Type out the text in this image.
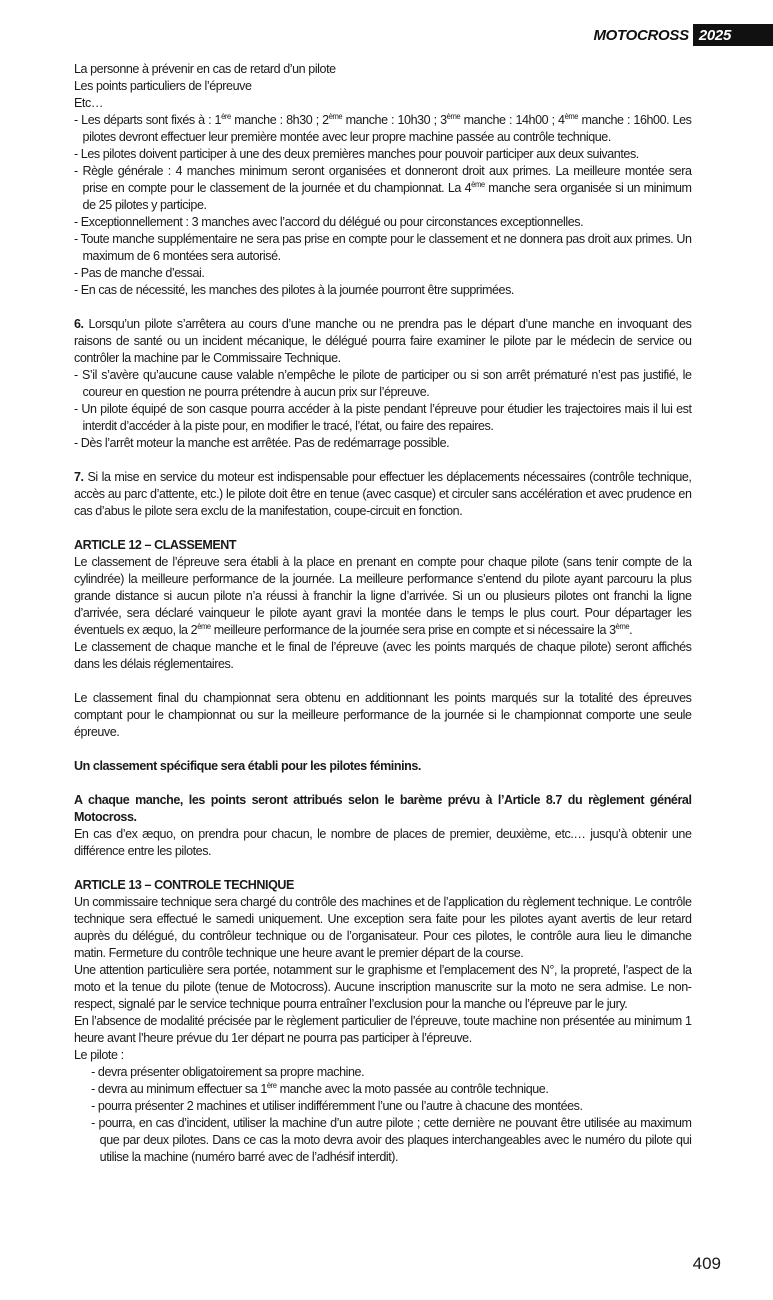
MOTOCROSS 2025

La personne à prévenir en cas de retard d’un pilote

Les points particuliers de l’épreuve

Etc…

- Les départs sont fixés à : 1ère manche : 8h30 ; 2ème manche : 10h30 ; 3ème manche : 14h00 ; 4ème manche : 16h00. Les pilotes devront effectuer leur première montée avec leur propre machine passée au contrôle technique.

- Les pilotes doivent participer à une des deux premières manches pour pouvoir participer aux deux suivantes.

- Règle générale : 4 manches minimum seront organisées et donneront droit aux primes. La meilleure montée sera prise en compte pour le classement de la journée et du championnat. La 4ème manche sera organisée si un minimum de 25 pilotes y participe.

- Exceptionnellement : 3 manches avec l’accord du délégué ou pour circonstances exceptionnelles.

- Toute manche supplémentaire ne sera pas prise en compte pour le classement et ne donnera pas droit aux primes. Un maximum de 6 montées sera autorisé.

- Pas de manche d’essai.

- En cas de nécessité, les manches des pilotes à la journée pourront être supprimées.

6. Lorsqu’un pilote s’arrêtera au cours d’une manche ou ne prendra pas le départ d’une manche en invoquant des raisons de santé ou un incident mécanique, le délégué pourra faire examiner le pilote par le médecin de service ou contrôler la machine par le Commissaire Technique.

- S’il s’avère qu’aucune cause valable n’empêche le pilote de participer ou si son arrêt prématuré n’est pas justifié, le coureur en question ne pourra prétendre à aucun prix sur l’épreuve.

- Un pilote équipé de son casque pourra accéder à la piste pendant l’épreuve pour étudier les trajectoires mais il lui est interdit d’accéder à la piste pour, en modifier le tracé, l’état, ou faire des repaires.

- Dès l’arrêt moteur la manche est arrêtée. Pas de redémarrage possible.

7. Si la mise en service du moteur est indispensable pour effectuer les déplacements nécessaires (contrôle technique, accès au parc d’attente, etc.) le pilote doit être en tenue (avec casque) et circuler sans accélération et avec prudence en cas d’abus le pilote sera exclu de la manifestation, coupe-circuit en fonction.

ARTICLE 12 – CLASSEMENT

Le classement de l’épreuve sera établi à la place en prenant en compte pour chaque pilote (sans tenir compte de la cylindrée) la meilleure performance de la journée. La meilleure performance s’entend du pilote ayant parcouru la plus grande distance si aucun pilote n’a réussi à franchir la ligne d’arrivée. Si un ou plusieurs pilotes ont franchi la ligne d’arrivée, sera déclaré vainqueur le pilote ayant gravi la montée dans le temps le plus court. Pour départager les éventuels ex æquo, la 2ème meilleure performance de la journée sera prise en compte et si nécessaire la 3ème.

Le classement de chaque manche et le final de l’épreuve (avec les points marqués de chaque pilote) seront affichés dans les délais réglementaires.

Le classement final du championnat sera obtenu en additionnant les points marqués sur la totalité des épreuves comptant pour le championnat ou sur la meilleure performance de la journée si le championnat comporte une seule épreuve.

Un classement spécifique sera établi pour les pilotes féminins.

A chaque manche, les points seront attribués selon le barème prévu à l’Article 8.7 du règlement général Motocross.

En cas d’ex æquo, on prendra pour chacun, le nombre de places de premier, deuxième, etc.… jusqu’à obtenir une différence entre les pilotes.

ARTICLE 13 – CONTROLE TECHNIQUE

Un commissaire technique sera chargé du contrôle des machines et de l’application du règlement technique. Le contrôle technique sera effectué le samedi uniquement. Une exception sera faite pour les pilotes ayant avertis de leur retard auprès du délégué, du contrôleur technique ou de l’organisateur. Pour ces pilotes, le contrôle aura lieu le dimanche matin. Fermeture du contrôle technique une heure avant le premier départ de la course.

Une attention particulière sera portée, notamment sur le graphisme et l’emplacement des N°, la propreté, l’aspect de la moto et la tenue du pilote (tenue de Motocross). Aucune inscription manuscrite sur la moto ne sera admise. Le non-respect, signalé par le service technique pourra entraîner l’exclusion pour la manche ou l’épreuve par le jury.

En l’absence de modalité précisée par le règlement particulier de l’épreuve, toute machine non présentée au minimum 1 heure avant l’heure prévue du 1er départ ne pourra pas participer à l’épreuve.

Le pilote :

- devra présenter obligatoirement sa propre machine.

- devra au minimum effectuer sa 1ère manche avec la moto passée au contrôle technique.

- pourra présenter 2 machines et utiliser indifféremment l’une ou l’autre à chacune des montées.

- pourra, en cas d’incident, utiliser la machine d’un autre pilote ; cette dernière ne pouvant être utilisée au maximum que par deux pilotes. Dans ce cas la moto devra avoir des plaques interchangeables avec le numéro du pilote qui utilise la machine (numéro barré avec de l’adhésif interdit).

409
